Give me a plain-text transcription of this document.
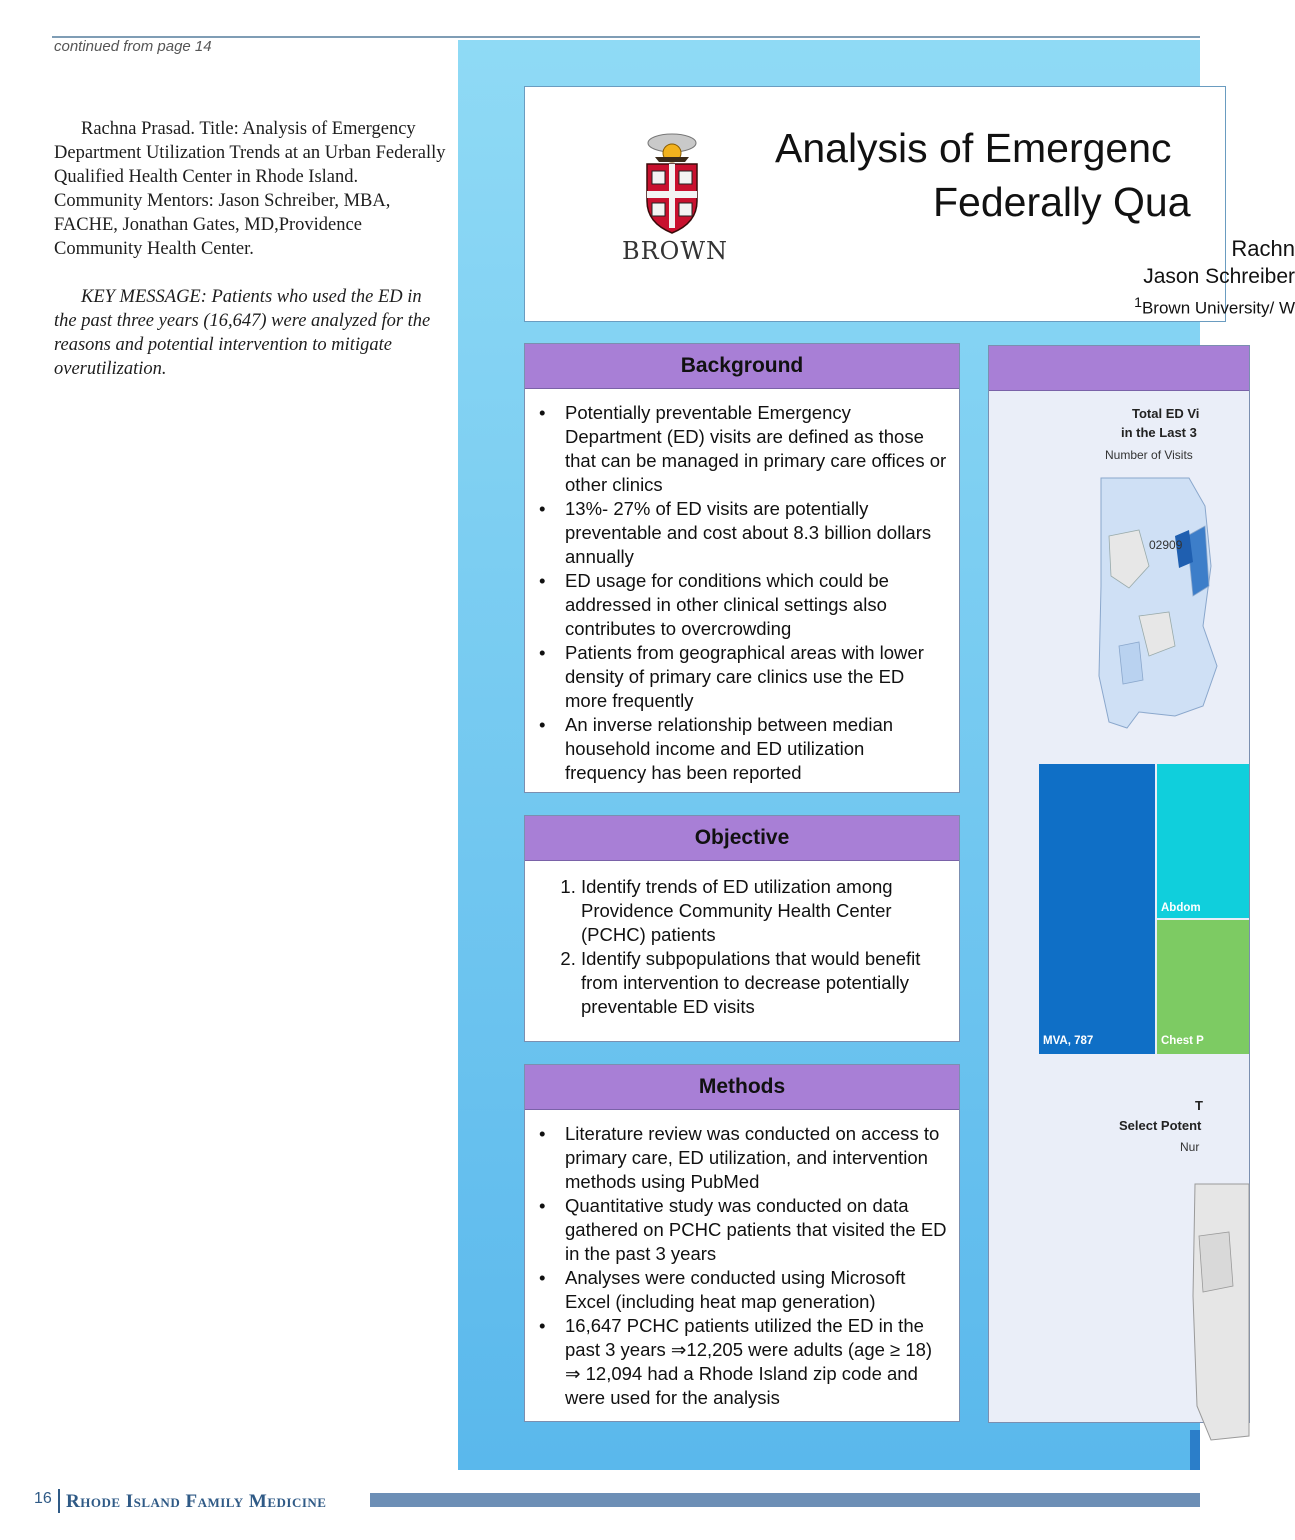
continued from page 14

Rachna Prasad. Title: Analysis of Emergency Department Utilization Trends at an Urban Federally Qualified Health Center in Rhode Island. Community Mentors: Jason Schreiber, MBA, FACHE, Jonathan Gates, MD,Providence Community Health Center.

KEY MESSAGE: Patients who used the ED in the past three years (16,647) were analyzed for the reasons and potential intervention to mitigate overutilization.

BROWN
Analysis of Emergenc
Federally Qua
Rachn
Jason Schreiber
$^1$Brown University/ W
Background
• Potentially preventable Emergency Department (ED) visits are defined as those that can be managed in primary care offices or other clinics
• 13%- 27% of ED visits are potentially preventable and cost about 8.3 billion dollars annually
• ED usage for conditions which could be addressed in other clinical settings also contributes to overcrowding
• Patients from geographical areas with lower density of primary care clinics use the ED more frequently
• An inverse relationship between median household income and ED utilization frequency has been reported
Objective
1. Identify trends of ED utilization among Providence Community Health Center (PCHC) patients
2. Identify subpopulations that would benefit from intervention to decrease potentially preventable ED visits
Methods
• Literature review was conducted on access to primary care, ED utilization, and intervention methods using PubMed
• Quantitative study was conducted on data gathered on PCHC patients that visited the ED in the past 3 years
• Analyses were conducted using Microsoft Excel (including heat map generation)
• 16,647 PCHC patients utilized the ED in the past 3 years ⇒12,205 were adults (age ≥ 18) ⇒ 12,094 had a Rhode Island zip code and were used for the analysis
Total ED Vi
in the Last 3
Number of Visits
02909
MVA, 787
Abdom
Chest P
T
Select Potent
Nur
16 Rhode Island Family Medicine
